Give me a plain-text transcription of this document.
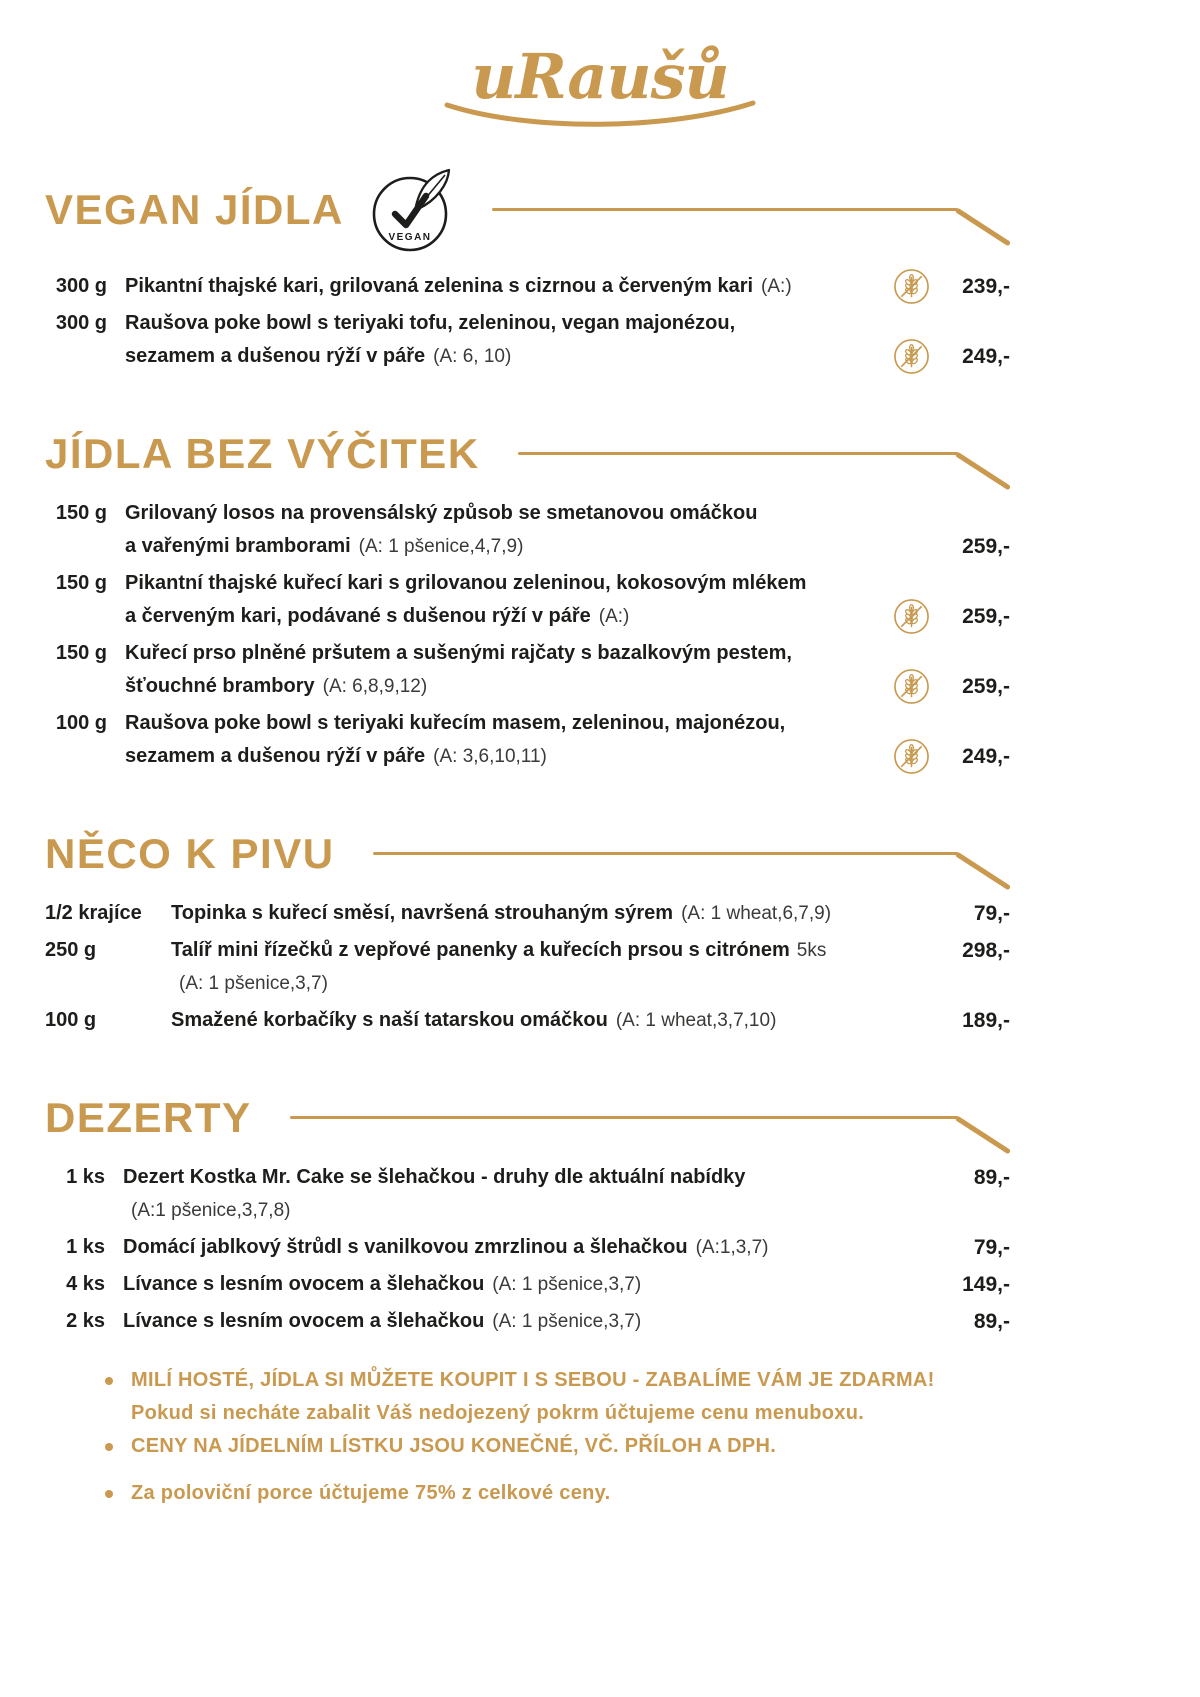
uRaušů
VEGAN JÍDLA
VEGAN
300 g Pikantní thajské kari, grilovaná zelenina s cizrnou a červeným kari (A:)	239,-
300 g Raušova poke bowl s teriyaki tofu, zeleninou, vegan majonézou,
sezamem a dušenou rýží v páře (A: 6, 10)	249,-
JÍDLA BEZ VÝČITEK
150 g Grilovaný losos na provensálský způsob se smetanovou omáčkou
a vařenými bramborami (A: 1 pšenice,4,7,9)	259,-
150 g Pikantní thajské kuřecí kari s grilovanou zeleninou, kokosovým mlékem
a červeným kari, podávané s dušenou rýží v páře (A:)	259,-
150 g Kuřecí prso plněné pršutem a sušenými rajčaty s bazalkovým pestem,
šťouchné brambory (A: 6,8,9,12)	259,-
100 g Raušova poke bowl s teriyaki kuřecím masem, zeleninou, majonézou,
sezamem a dušenou rýží v páře (A: 3,6,10,11)	249,-
NĚCO K PIVU
1/2 krajíce	Topinka s kuřecí směsí, navršená strouhaným sýrem (A: 1 wheat,6,7,9)	79,-
250 g	Talíř mini řízečků z vepřové panenky a kuřecích prsou s citrónem 5ks	298,-
(A: 1 pšenice,3,7)
100 g	Smažené korbačíky s naší tatarskou omáčkou (A: 1 wheat,3,7,10)	189,-
DEZERTY
1 ks Dezert Kostka Mr. Cake se šlehačkou - druhy dle aktuální nabídky	89,-
(A:1 pšenice,3,7,8)
1 ks Domácí jablkový štrůdl s vanilkovou zmrzlinou a šlehačkou (A:1,3,7)	79,-
4 ks Lívance s lesním ovocem a šlehačkou (A: 1 pšenice,3,7)	149,-
2 ks Lívance s lesním ovocem a šlehačkou (A: 1 pšenice,3,7)	89,-
MILÍ HOSTÉ, JÍDLA SI MŮŽETE KOUPIT I S SEBOU - ZABALÍME VÁM JE ZDARMA!
Pokud si necháte zabalit Váš nedojezený pokrm účtujeme cenu menuboxu.
CENY NA JÍDELNÍM LÍSTKU JSOU KONEČNÉ, VČ. PŘÍLOH A DPH.
Za poloviční porce účtujeme 75% z celkové ceny.
